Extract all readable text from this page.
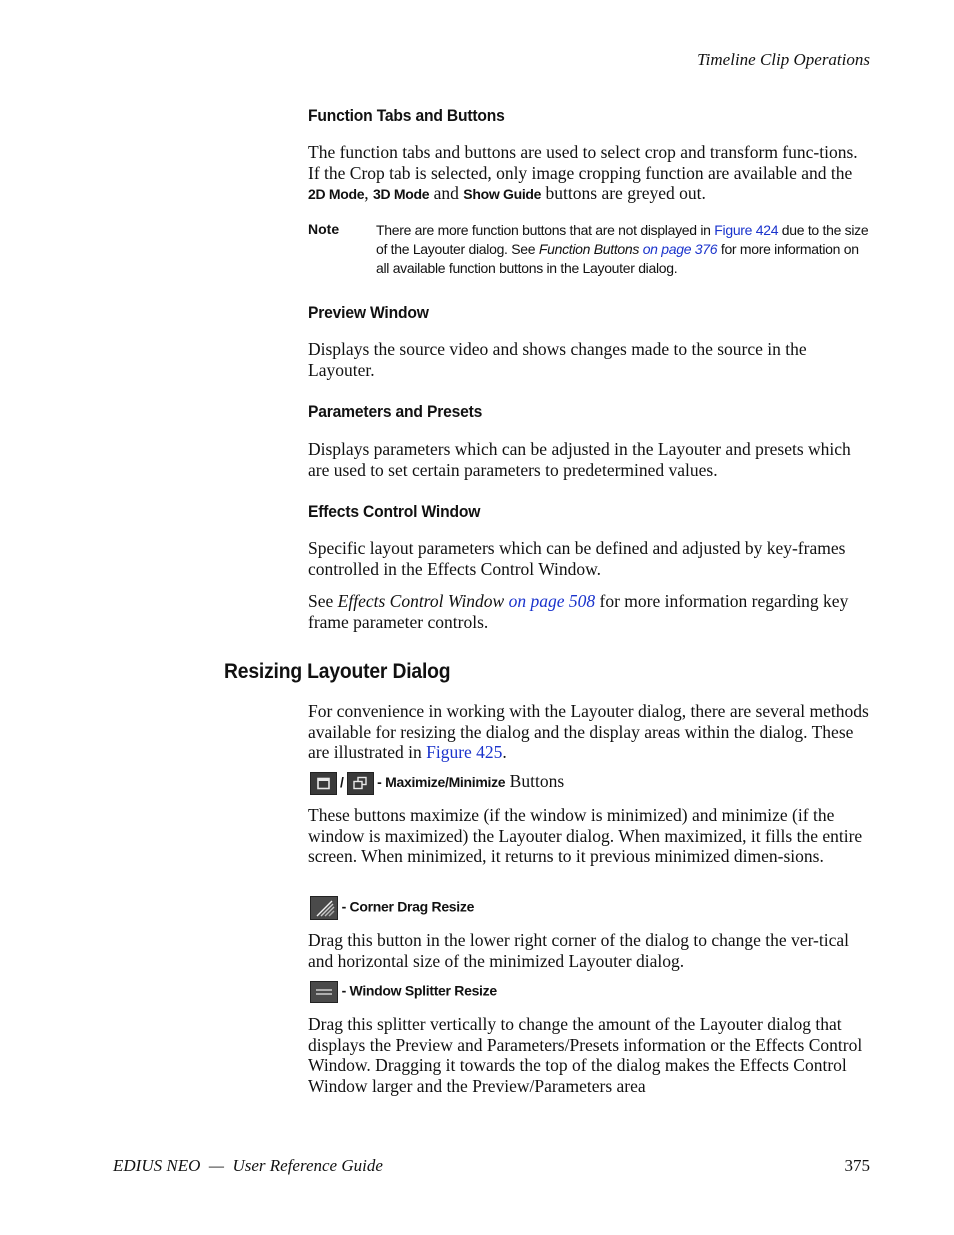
Timeline Clip Operations
Function Tabs and Buttons
The function tabs and buttons are used to select crop and transform func-tions. If the Crop tab is selected, only image cropping function are available and the 2D Mode, 3D Mode and Show Guide buttons are greyed out.
Note	There are more function buttons that are not displayed in Figure 424 due to the size of the Layouter dialog. See Function Buttons on page 376 for more information on all available function buttons in the Layouter dialog.
Preview Window
Displays the source video and shows changes made to the source in the Layouter.
Parameters and Presets
Displays parameters which can be adjusted in the Layouter and presets which are used to set certain parameters to predetermined values.
Effects Control Window
Specific layout parameters which can be defined and adjusted by key-frames controlled in the Effects Control Window.
See Effects Control Window on page 508 for more information regarding key frame parameter controls.
Resizing Layouter Dialog
For convenience in working with the Layouter dialog, there are several methods available for resizing the dialog and the display areas within the dialog. These are illustrated in Figure 425.
/
- Maximize/Minimize Buttons
These buttons maximize (if the window is minimized) and minimize (if the window is maximized) the Layouter dialog. When maximized, it fills the entire screen. When minimized, it returns to it previous minimized dimen-sions.
- Corner Drag Resize
Drag this button in the lower right corner of the dialog to change the ver-tical and horizontal size of the minimized Layouter dialog.
- Window Splitter Resize
Drag this splitter vertically to change the amount of the Layouter dialog that displays the Preview and Parameters/Presets information or the Effects Control Window. Dragging it towards the top of the dialog makes the Effects Control Window larger and the Preview/Parameters area
EDIUS NEO  —  User Reference Guide	375
